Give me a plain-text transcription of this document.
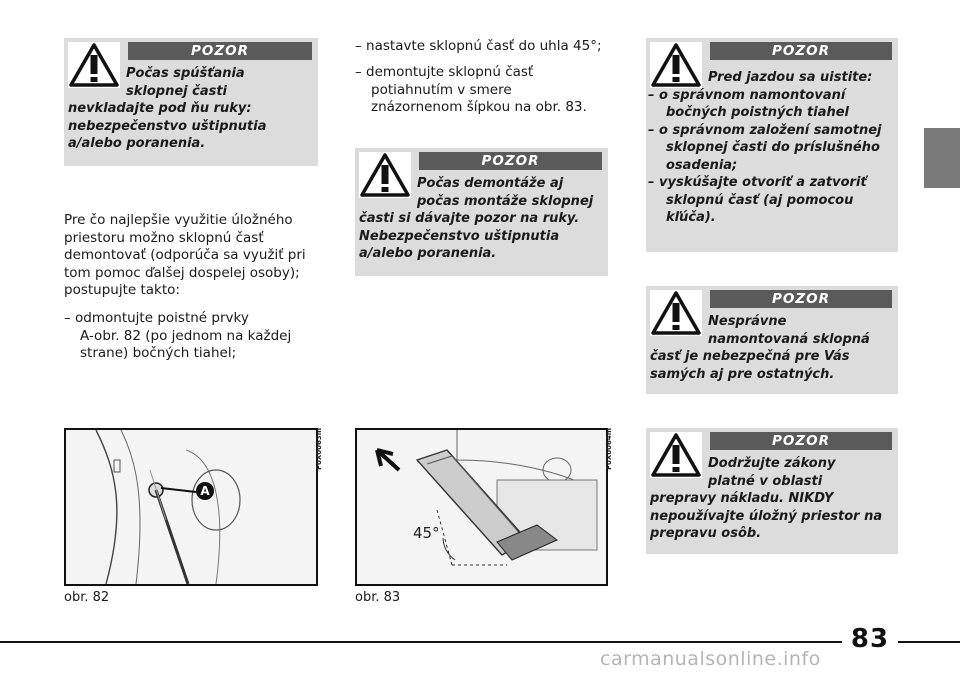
POZOR
Počas spúšťania
sklopnej časti
nevkladajte pod ňu ruky:
nebezpečenstvo uštipnutia
a/alebo poranenia.
Pre čo najlepšie využitie úložného
priestoru možno sklopnú časť
demontovať (odporúča sa využiť pri
tom pomoc ďalšej dospelej osoby);
postupujte takto:
– odmontujte poistné prvky
A-obr. 82 (po jednom na každej
strane) bočných tiahel;
– nastavte sklopnú časť do uhla 45°;
– demontujte sklopnú časť
potiahnutím v smere
znázornenom šípkou na obr. 83.
POZOR
Počas demontáže aj
počas montáže sklopnej
časti si dávajte pozor na ruky.
Nebezpečenstvo uštipnutia
a/alebo poranenia.
POZOR
Pred jazdou sa uistite:
– o správnom namontovaní bočných poistných tiahel
– o správnom založení samotnej sklopnej časti do príslušného osadenia;
– vyskúšajte otvoriť a zatvoriť sklopnú časť (aj pomocou kľúča).
POZOR
Nesprávne
namontovaná sklopná
časť je nebezpečná pre Vás
samých aj pre ostatných.
POZOR
Dodržujte zákony
platné v oblasti
prepravy nákladu. NIKDY
nepoužívajte úložný priestor na
prepravu osôb.
A
F0X0063m
obr. 82
45°
F0X0064m
obr. 83
83
carmanualsonline.info
